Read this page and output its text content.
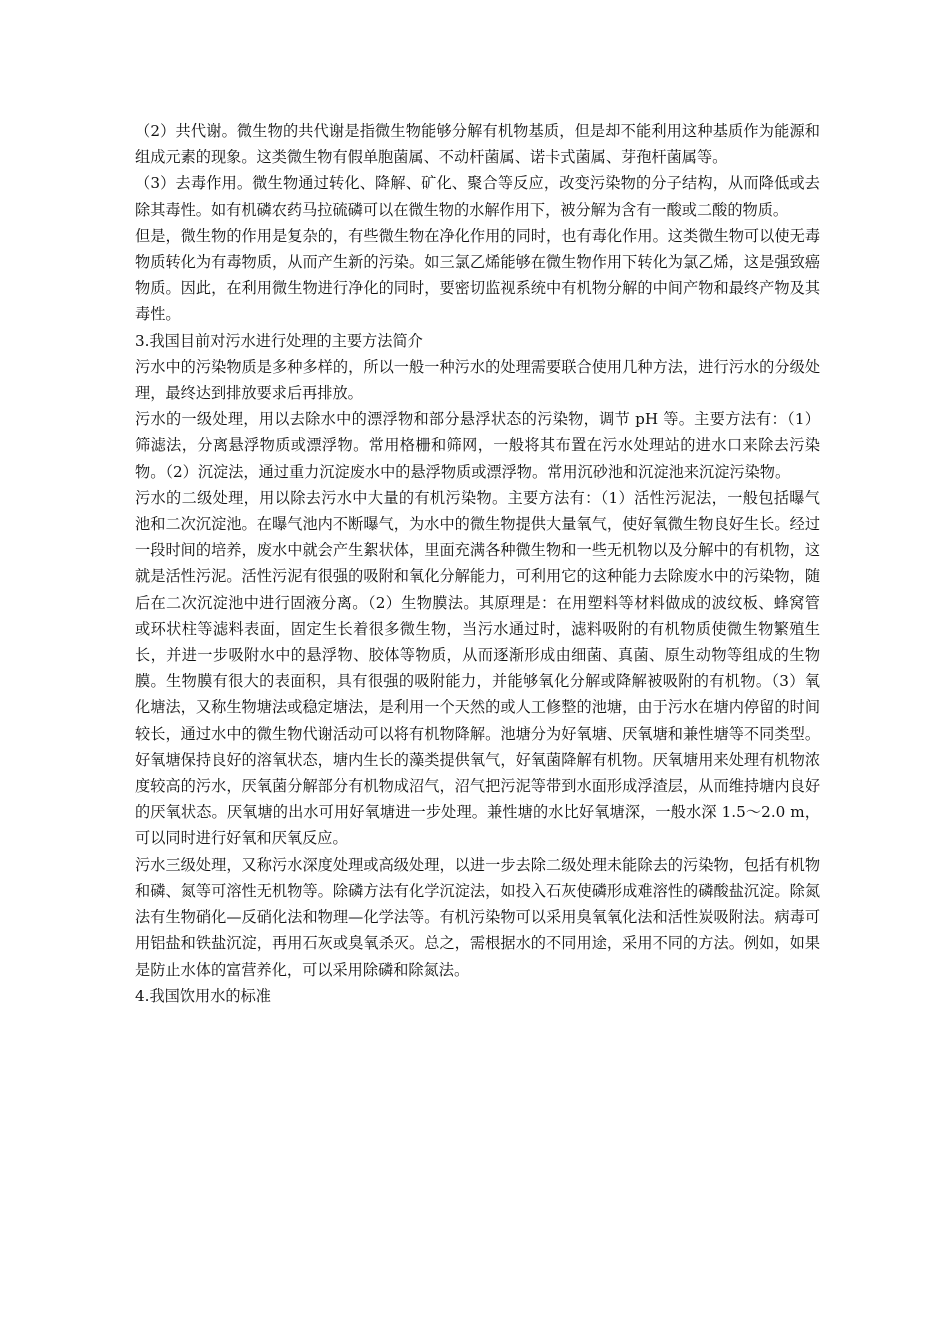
（2）共代谢。微生物的共代谢是指微生物能够分解有机物基质，但是却不能利用这种基质作为能源和组成元素的现象。这类微生物有假单胞菌属、不动杆菌属、诺卡式菌属、芽孢杆菌属等。

（3）去毒作用。微生物通过转化、降解、矿化、聚合等反应，改变污染物的分子结构，从而降低或去除其毒性。如有机磷农药马拉硫磷可以在微生物的水解作用下，被分解为含有一酸或二酸的物质。

但是，微生物的作用是复杂的，有些微生物在净化作用的同时，也有毒化作用。这类微生物可以使无毒物质转化为有毒物质，从而产生新的污染。如三氯乙烯能够在微生物作用下转化为氯乙烯，这是强致癌物质。因此，在利用微生物进行净化的同时，要密切监视系统中有机物分解的中间产物和最终产物及其毒性。

3.我国目前对污水进行处理的主要方法简介

污水中的污染物质是多种多样的，所以一般一种污水的处理需要联合使用几种方法，进行污水的分级处理，最终达到排放要求后再排放。

污水的一级处理，用以去除水中的漂浮物和部分悬浮状态的污染物，调节 pH 等。主要方法有：（1）筛滤法，分离悬浮物质或漂浮物。常用格栅和筛网，一般将其布置在污水处理站的进水口来除去污染物。（2）沉淀法，通过重力沉淀废水中的悬浮物质或漂浮物。常用沉砂池和沉淀池来沉淀污染物。

污水的二级处理，用以除去污水中大量的有机污染物。主要方法有：（1）活性污泥法，一般包括曝气池和二次沉淀池。在曝气池内不断曝气，为水中的微生物提供大量氧气，使好氧微生物良好生长。经过一段时间的培养，废水中就会产生絮状体，里面充满各种微生物和一些无机物以及分解中的有机物，这就是活性污泥。活性污泥有很强的吸附和氧化分解能力，可利用它的这种能力去除废水中的污染物，随后在二次沉淀池中进行固液分离。（2）生物膜法。其原理是：在用塑料等材料做成的波纹板、蜂窝管或环状柱等滤料表面，固定生长着很多微生物，当污水通过时，滤料吸附的有机物质使微生物繁殖生长，并进一步吸附水中的悬浮物、胶体等物质，从而逐渐形成由细菌、真菌、原生动物等组成的生物膜。生物膜有很大的表面积，具有很强的吸附能力，并能够氧化分解或降解被吸附的有机物。（3）氧化塘法，又称生物塘法或稳定塘法，是利用一个天然的或人工修整的池塘，由于污水在塘内停留的时间较长，通过水中的微生物代谢活动可以将有机物降解。池塘分为好氧塘、厌氧塘和兼性塘等不同类型。好氧塘保持良好的溶氧状态，塘内生长的藻类提供氧气，好氧菌降解有机物。厌氧塘用来处理有机物浓度较高的污水，厌氧菌分解部分有机物成沼气，沼气把污泥等带到水面形成浮渣层，从而维持塘内良好的厌氧状态。厌氧塘的出水可用好氧塘进一步处理。兼性塘的水比好氧塘深，一般水深 1.5～2.0 m，可以同时进行好氧和厌氧反应。

污水三级处理，又称污水深度处理或高级处理，以进一步去除二级处理未能除去的污染物，包括有机物和磷、氮等可溶性无机物等。除磷方法有化学沉淀法，如投入石灰使磷形成难溶性的磷酸盐沉淀。除氮法有生物硝化—反硝化法和物理—化学法等。有机污染物可以采用臭氧氧化法和活性炭吸附法。病毒可用铝盐和铁盐沉淀，再用石灰或臭氧杀灭。总之，需根据水的不同用途，采用不同的方法。例如，如果是防止水体的富营养化，可以采用除磷和除氮法。

4.我国饮用水的标准
